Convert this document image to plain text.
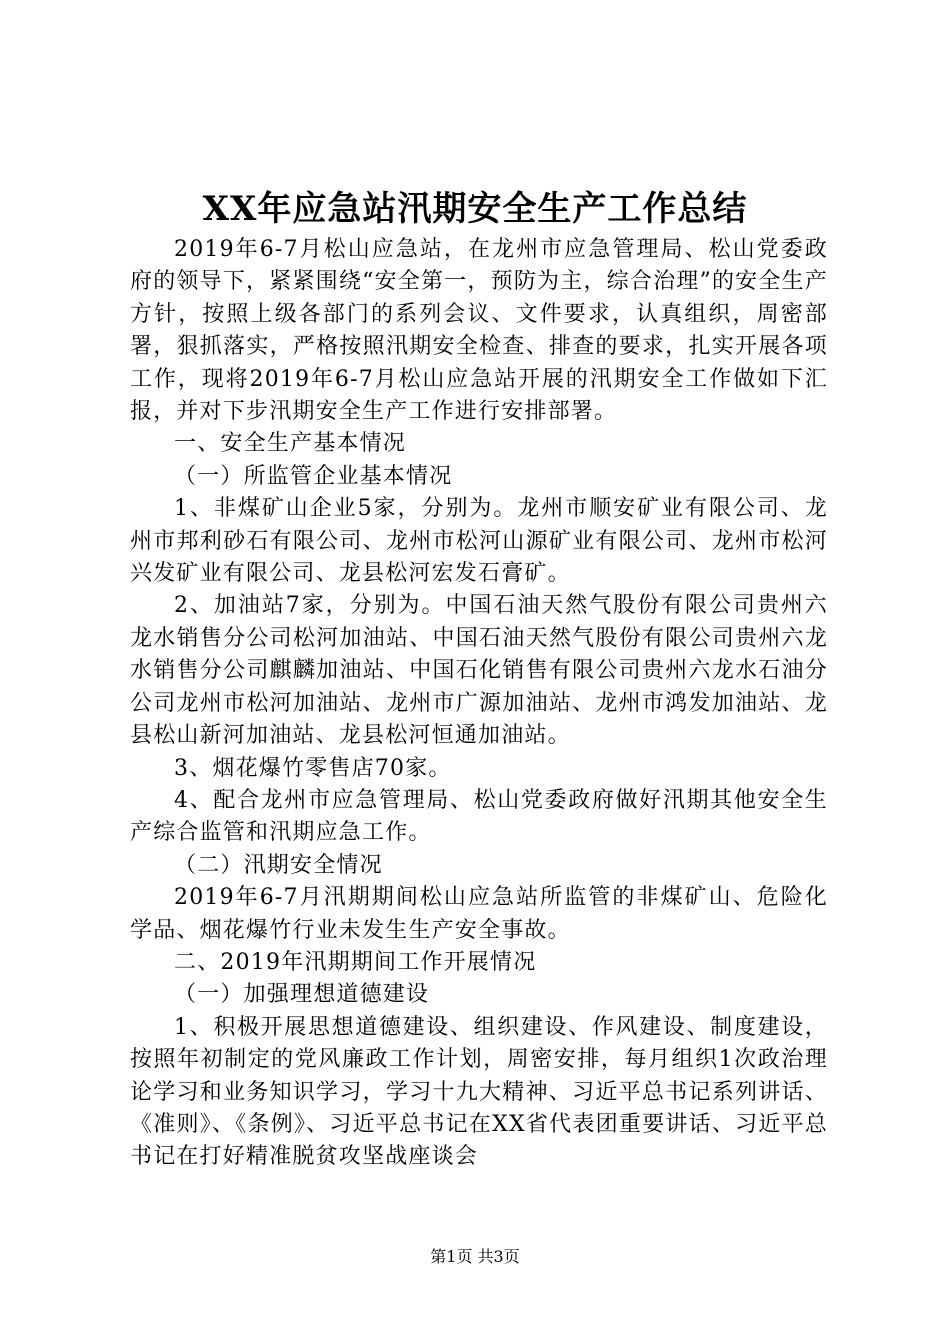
XX年应急站汛期安全生产工作总结

2019年6-7月松山应急站，在龙州市应急管理局、松山党委政府的领导下，紧紧围绕“安全第一，预防为主，综合治理”的安全生产方针，按照上级各部门的系列会议、文件要求，认真组织，周密部署，狠抓落实，严格按照汛期安全检查、排查的要求，扎实开展各项工作，现将2019年6-7月松山应急站开展的汛期安全工作做如下汇报，并对下步汛期安全生产工作进行安排部署。

一、安全生产基本情况

（一）所监管企业基本情况

1、非煤矿山企业5家，分别为。龙州市顺安矿业有限公司、龙州市邦利砂石有限公司、龙州市松河山源矿业有限公司、龙州市松河兴发矿业有限公司、龙县松河宏发石膏矿。

2、加油站7家，分别为。中国石油天然气股份有限公司贵州六龙水销售分公司松河加油站、中国石油天然气股份有限公司贵州六龙水销售分公司麒麟加油站、中国石化销售有限公司贵州六龙水石油分公司龙州市松河加油站、龙州市广源加油站、龙州市鸿发加油站、龙县松山新河加油站、龙县松河恒通加油站。

3、烟花爆竹零售店70家。

4、配合龙州市应急管理局、松山党委政府做好汛期其他安全生产综合监管和汛期应急工作。

（二）汛期安全情况

2019年6-7月汛期期间松山应急站所监管的非煤矿山、危险化学品、烟花爆竹行业未发生生产安全事故。

二、2019年汛期期间工作开展情况

（一）加强理想道德建设

1、积极开展思想道德建设、组织建设、作风建设、制度建设，按照年初制定的党风廉政工作计划，周密安排，每月组织1次政治理论学习和业务知识学习，学习十九大精神、习近平总书记系列讲话、《准则》、《条例》、习近平总书记在XX省代表团重要讲话、习近平总书记在打好精准脱贫攻坚战座谈会

第1页 共3页
